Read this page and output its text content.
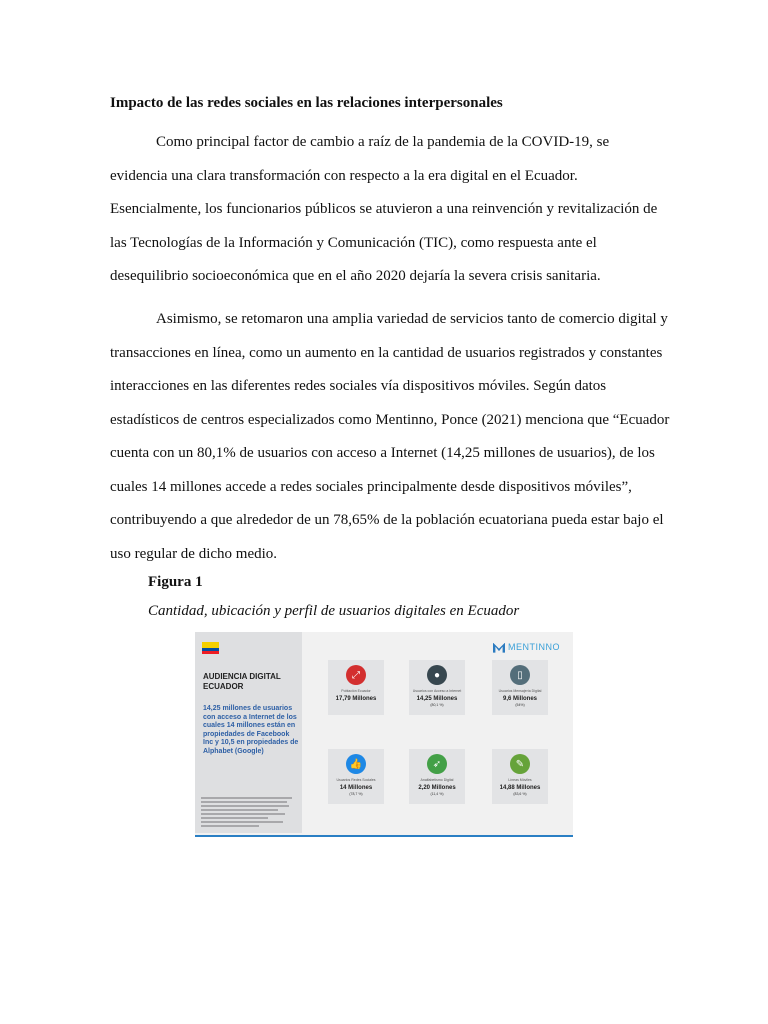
Impacto de las redes sociales en las relaciones interpersonales
Como principal factor de cambio a raíz de la pandemia de la COVID-19, se evidencia una clara transformación con respecto a la era digital en el Ecuador. Esencialmente, los funcionarios públicos se atuvieron a una reinvención y revitalización de las Tecnologías de la Información y Comunicación (TIC), como respuesta ante el desequilibrio socioeconómica que en el año 2020 dejaría la severa crisis sanitaria.
Asimismo, se retomaron una amplia variedad de servicios tanto de comercio digital y transacciones en línea, como un aumento en la cantidad de usuarios registrados y constantes interacciones en las diferentes redes sociales vía dispositivos móviles. Según datos estadísticos de centros especializados como Mentinno, Ponce (2021) menciona que “Ecuador cuenta con un 80,1% de usuarios con acceso a Internet (14,25 millones de usuarios), de los cuales 14 millones accede a redes sociales principalmente desde dispositivos móviles”, contribuyendo a que alrededor de un 78,65% de la población ecuatoriana pueda estar bajo el uso regular de dicho medio.
Figura 1
Cantidad, ubicación y perfil de usuarios digitales en Ecuador
AUDIENCIA DIGITAL ECUADOR
14,25 millones de usuarios con acceso a Internet de los cuales 14 millones están en propiedades de Facebook Inc y 10,5 en propiedades de Alphabet (Google)
MENTINNO
⤢
Población Ecuador
17,79 Millones
●
Usuarios con Acceso a Internet
14,25 Millones
(80,1 %)
▯
Usuarios Mensajería Digital
9,6 Millones
(54%)
👍
Usuarios Redes Sociales
14 Millones
(78,7 %)
➶
Analfabetismo Digital
2,20 Millones
(11,4 %)
✎
Líneas Móviles
14,88 Millones
(83,6 %)
